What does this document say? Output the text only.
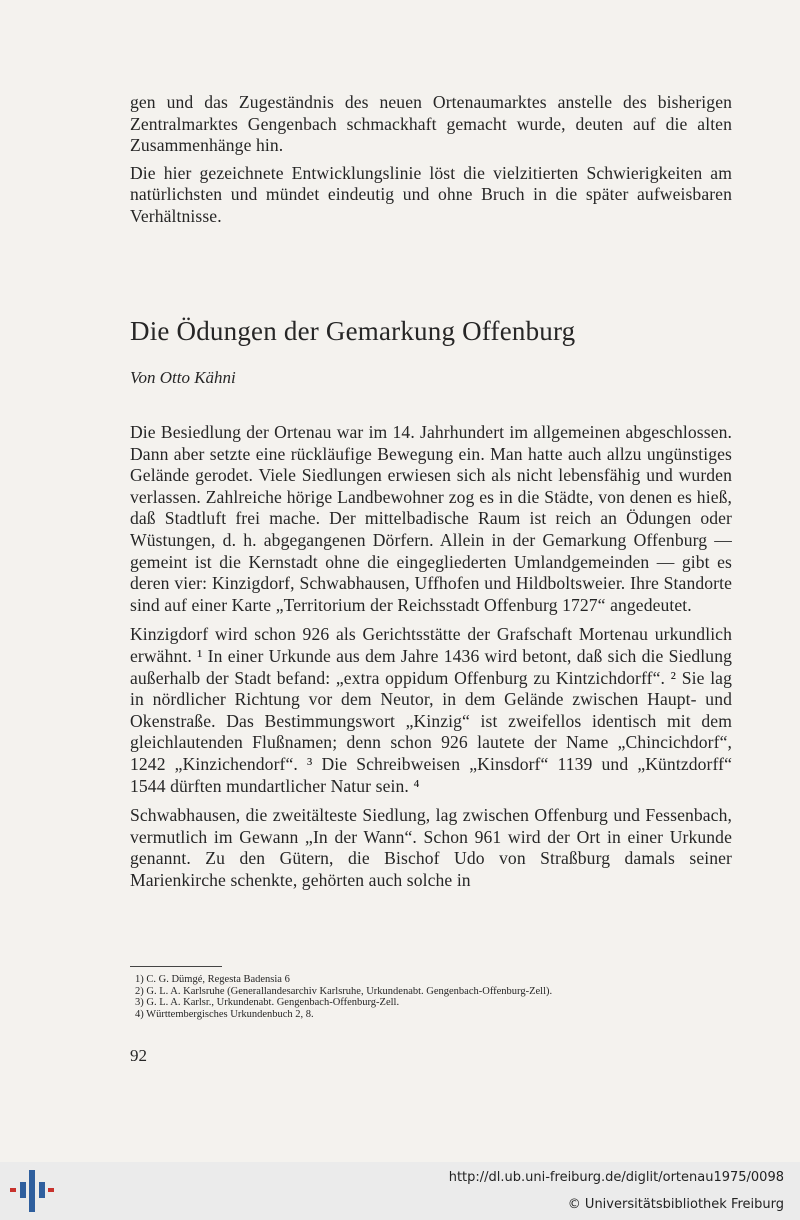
gen und das Zugeständnis des neuen Ortenaumarktes anstelle des bisherigen Zentralmarktes Gengenbach schmackhaft gemacht wurde, deuten auf die alten Zusammenhänge hin.

Die hier gezeichnete Entwicklungslinie löst die vielzitierten Schwierigkeiten am natürlichsten und mündet eindeutig und ohne Bruch in die später aufweisbaren Verhältnisse.

Die Ödungen der Gemarkung Offenburg
Von Otto Kähni

Die Besiedlung der Ortenau war im 14. Jahrhundert im allgemeinen abgeschlossen. Dann aber setzte eine rückläufige Bewegung ein. Man hatte auch allzu ungünstiges Gelände gerodet. Viele Siedlungen erwiesen sich als nicht lebensfähig und wurden verlassen. Zahlreiche hörige Landbewohner zog es in die Städte, von denen es hieß, daß Stadtluft frei mache. Der mittelbadische Raum ist reich an Ödungen oder Wüstungen, d. h. abgegangenen Dörfern. Allein in der Gemarkung Offenburg — gemeint ist die Kernstadt ohne die eingegliederten Umlandgemeinden — gibt es deren vier: Kinzigdorf, Schwabhausen, Uffhofen und Hildboltsweier. Ihre Standorte sind auf einer Karte „Territorium der Reichsstadt Offenburg 1727“ angedeutet.

Kinzigdorf wird schon 926 als Gerichtsstätte der Grafschaft Mortenau urkundlich erwähnt. ¹ In einer Urkunde aus dem Jahre 1436 wird betont, daß sich die Siedlung außerhalb der Stadt befand: „extra oppidum Offenburg zu Kintzichdorff“. ² Sie lag in nördlicher Richtung vor dem Neutor, in dem Gelände zwischen Haupt- und Okenstraße. Das Bestimmungswort „Kinzig“ ist zweifellos identisch mit dem gleichlautenden Flußnamen; denn schon 926 lautete der Name „Chincichdorf“, 1242 „Kinzichendorf“. ³ Die Schreibweisen „Kinsdorf“ 1139 und „Küntzdorff“ 1544 dürften mundartlicher Natur sein. ⁴

Schwabhausen, die zweitälteste Siedlung, lag zwischen Offenburg und Fessenbach, vermutlich im Gewann „In der Wann“. Schon 961 wird der Ort in einer Urkunde genannt. Zu den Gütern, die Bischof Udo von Straßburg damals seiner Marienkirche schenkte, gehörten auch solche in

1) C. G. Dümgé, Regesta Badensia 6
2) G. L. A. Karlsruhe (Generallandesarchiv Karlsruhe, Urkundenabt. Gengenbach-Offenburg-Zell).
3) G. L. A. Karlsr., Urkundenabt. Gengenbach-Offenburg-Zell.
4) Württembergisches Urkundenbuch 2, 8.
92
http://dl.ub.uni-freiburg.de/diglit/ortenau1975/0098
© Universitätsbibliothek Freiburg
